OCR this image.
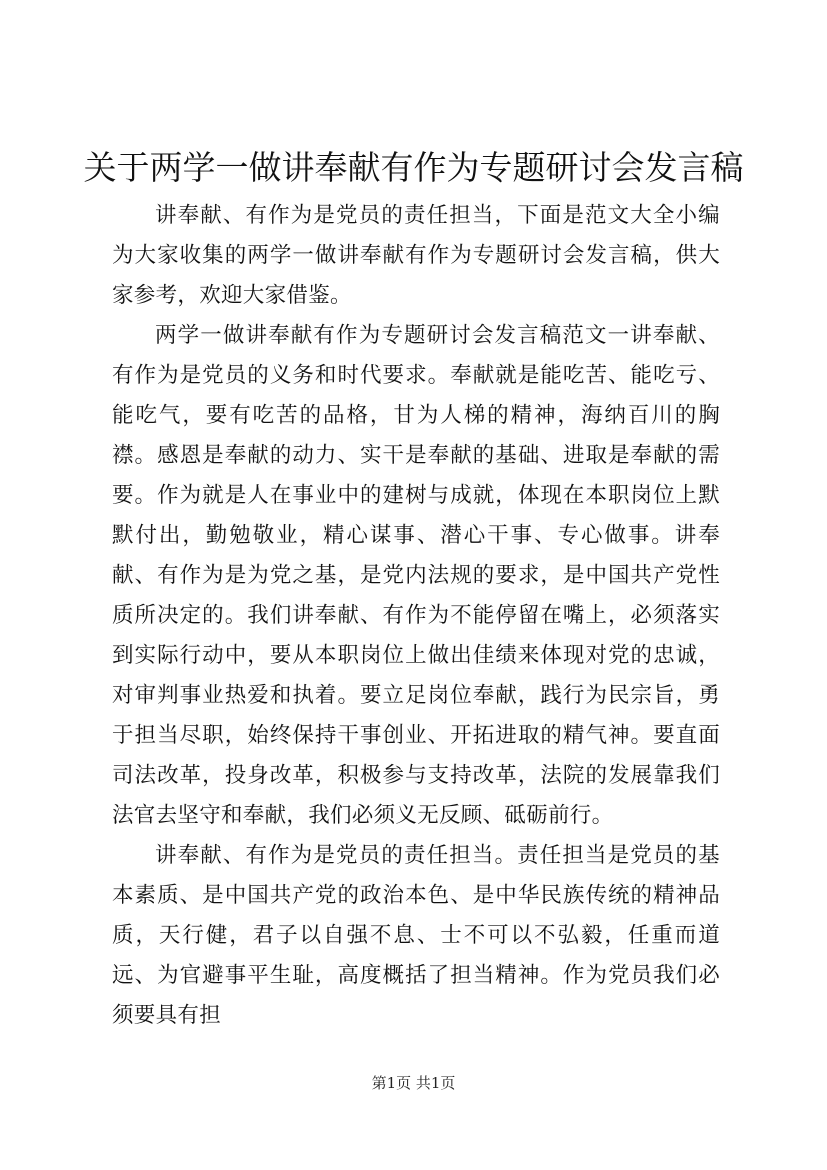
关于两学一做讲奉献有作为专题研讨会发言稿

讲奉献、有作为是党员的责任担当，下面是范文大全小编为大家收集的两学一做讲奉献有作为专题研讨会发言稿，供大家参考，欢迎大家借鉴。

两学一做讲奉献有作为专题研讨会发言稿范文一讲奉献、有作为是党员的义务和时代要求。奉献就是能吃苦、能吃亏、能吃气，要有吃苦的品格，甘为人梯的精神，海纳百川的胸襟。感恩是奉献的动力、实干是奉献的基础、进取是奉献的需要。作为就是人在事业中的建树与成就，体现在本职岗位上默默付出，勤勉敬业，精心谋事、潜心干事、专心做事。讲奉献、有作为是为党之基，是党内法规的要求，是中国共产党性质所决定的。我们讲奉献、有作为不能停留在嘴上，必须落实到实际行动中，要从本职岗位上做出佳绩来体现对党的忠诚，对审判事业热爱和执着。要立足岗位奉献，践行为民宗旨，勇于担当尽职，始终保持干事创业、开拓进取的精气神。要直面司法改革，投身改革，积极参与支持改革，法院的发展靠我们法官去坚守和奉献，我们必须义无反顾、砥砺前行。

讲奉献、有作为是党员的责任担当。责任担当是党员的基本素质、是中国共产党的政治本色、是中华民族传统的精神品质，天行健，君子以自强不息、士不可以不弘毅，任重而道远、为官避事平生耻，高度概括了担当精神。作为党员我们必须要具有担

第1页 共1页
